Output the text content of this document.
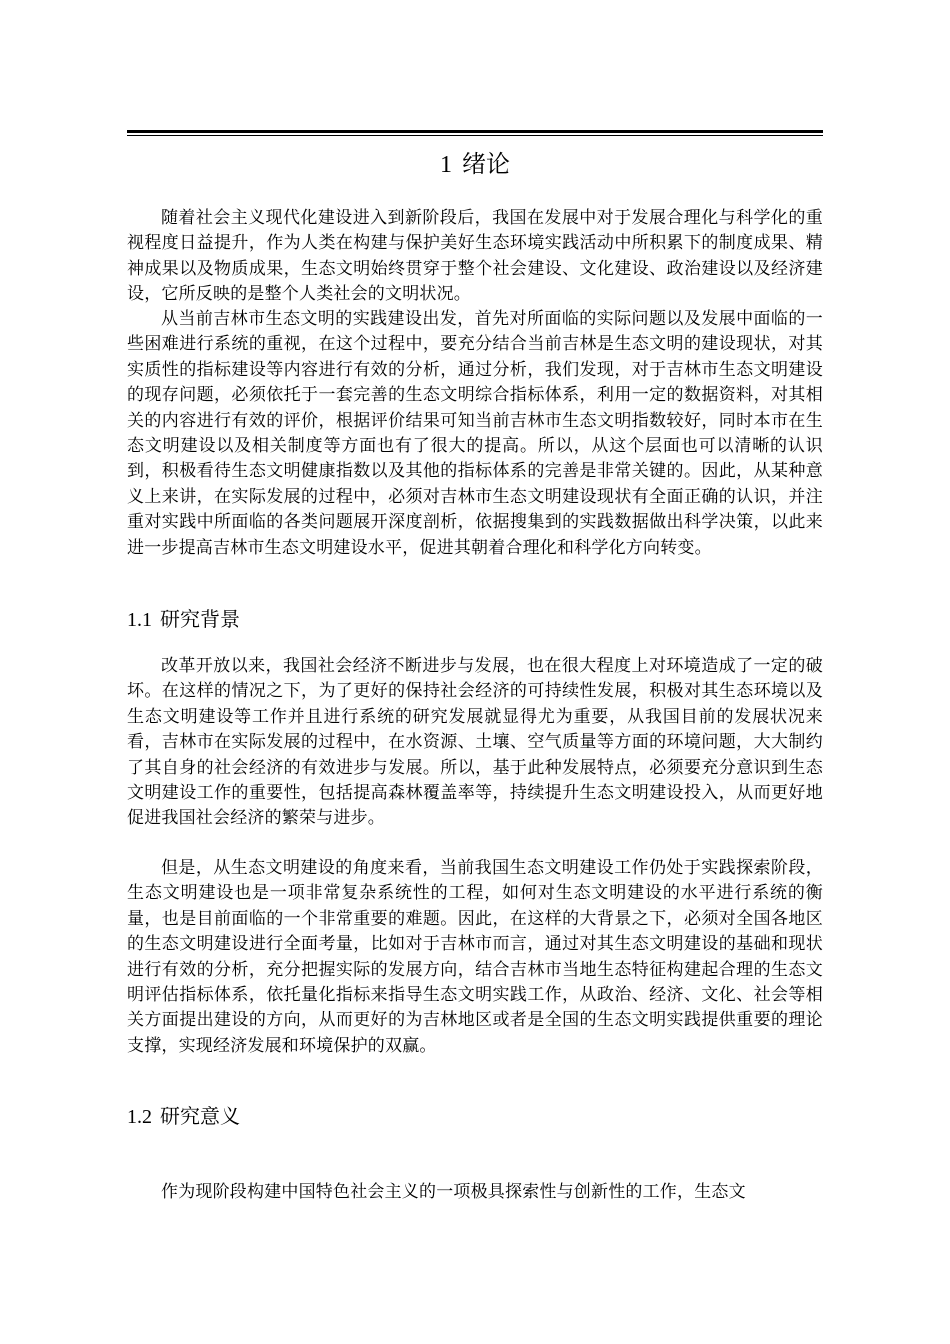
1 绪论

随着社会主义现代化建设进入到新阶段后，我国在发展中对于发展合理化与科学化的重视程度日益提升，作为人类在构建与保护美好生态环境实践活动中所积累下的制度成果、精神成果以及物质成果，生态文明始终贯穿于整个社会建设、文化建设、政治建设以及经济建设，它所反映的是整个人类社会的文明状况。

从当前吉林市生态文明的实践建设出发，首先对所面临的实际问题以及发展中面临的一些困难进行系统的重视，在这个过程中，要充分结合当前吉林是生态文明的建设现状，对其实质性的指标建设等内容进行有效的分析，通过分析，我们发现，对于吉林市生态文明建设的现存问题，必须依托于一套完善的生态文明综合指标体系，利用一定的数据资料，对其相关的内容进行有效的评价，根据评价结果可知当前吉林市生态文明指数较好，同时本市在生态文明建设以及相关制度等方面也有了很大的提高。所以，从这个层面也可以清晰的认识到，积极看待生态文明健康指数以及其他的指标体系的完善是非常关键的。因此，从某种意义上来讲，在实际发展的过程中，必须对吉林市生态文明建设现状有全面正确的认识，并注重对实践中所面临的各类问题展开深度剖析，依据搜集到的实践数据做出科学决策，以此来进一步提高吉林市生态文明建设水平，促进其朝着合理化和科学化方向转变。

1.1 研究背景

改革开放以来，我国社会经济不断进步与发展，也在很大程度上对环境造成了一定的破坏。在这样的情况之下，为了更好的保持社会经济的可持续性发展，积极对其生态环境以及生态文明建设等工作并且进行系统的研究发展就显得尤为重要，从我国目前的发展状况来看，吉林市在实际发展的过程中，在水资源、土壤、空气质量等方面的环境问题，大大制约了其自身的社会经济的有效进步与发展。所以，基于此种发展特点，必须要充分意识到生态文明建设工作的重要性，包括提高森林覆盖率等，持续提升生态文明建设投入，从而更好地促进我国社会经济的繁荣与进步。

但是，从生态文明建设的角度来看，当前我国生态文明建设工作仍处于实践探索阶段，生态文明建设也是一项非常复杂系统性的工程，如何对生态文明建设的水平进行系统的衡量，也是目前面临的一个非常重要的难题。因此，在这样的大背景之下，必须对全国各地区的生态文明建设进行全面考量，比如对于吉林市而言，通过对其生态文明建设的基础和现状进行有效的分析，充分把握实际的发展方向，结合吉林市当地生态特征构建起合理的生态文明评估指标体系，依托量化指标来指导生态文明实践工作，从政治、经济、文化、社会等相关方面提出建设的方向，从而更好的为吉林地区或者是全国的生态文明实践提供重要的理论支撑，实现经济发展和环境保护的双赢。

1.2 研究意义

作为现阶段构建中国特色社会主义的一项极具探索性与创新性的工作，生态文
